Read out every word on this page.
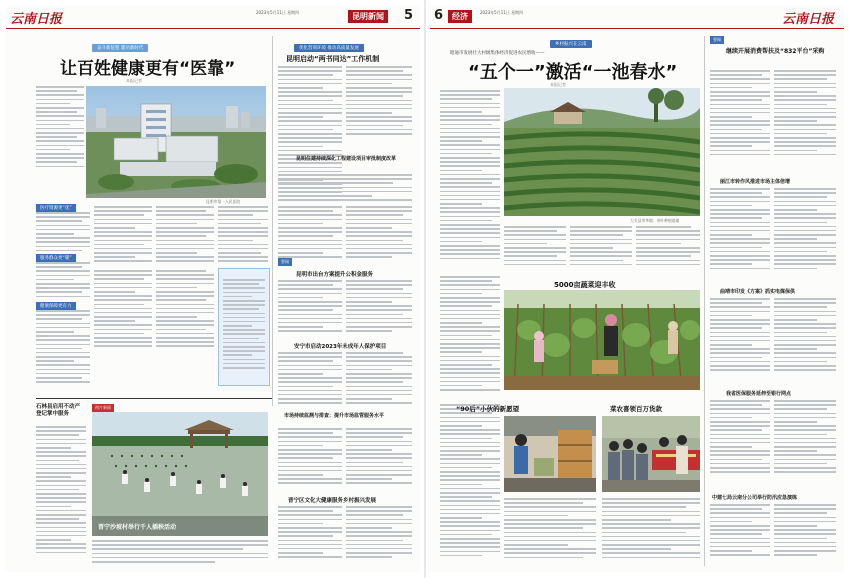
2023年5月11日 星期四
云南日报	昆明新闻	5
奋斗新征程 建功新时代
让百姓健康更有“医靠”
本报记者
昆明市第一人民医院
医疗资源更“优”
服务群众更“暖”
健康保障更有力
优化营商环境 推动高质量发展
昆明启动“两书同达”工作机制
昆明住建持续深化工程建设项目审批制度改革
要闻
昆明市出台方案提升公积金服务
安宁市启动2023年未成年人保护项目
市场持续监测与排查：提升市场监管服务水平
晋宁区文化大健康服务乡村振兴发展
石林县启用不动产登记掌中服务
图片新闻
晋宁沙坡村举行千人插秧活动
6	经济	2023年5月11日 星期四	云南日报
乡村振兴在云南
昭通市发展壮大村级集体经济促进农民增收——
“五个一”激活“一池春水”
本报记者
大关县翠华镇：茶叶种植基地
5000亩蔬菜迎丰收
“90后”小伙的新愿望	菜农喜领百万货款
要闻
继续开展消费帮扶及“832平台”采购
丽江市转作风推进市场主体倍增
曲靖市印发《方案》抓实电煤保供
我省医保服务延伸至银行网点
中建七局云南分公司举行防汛应急演练
